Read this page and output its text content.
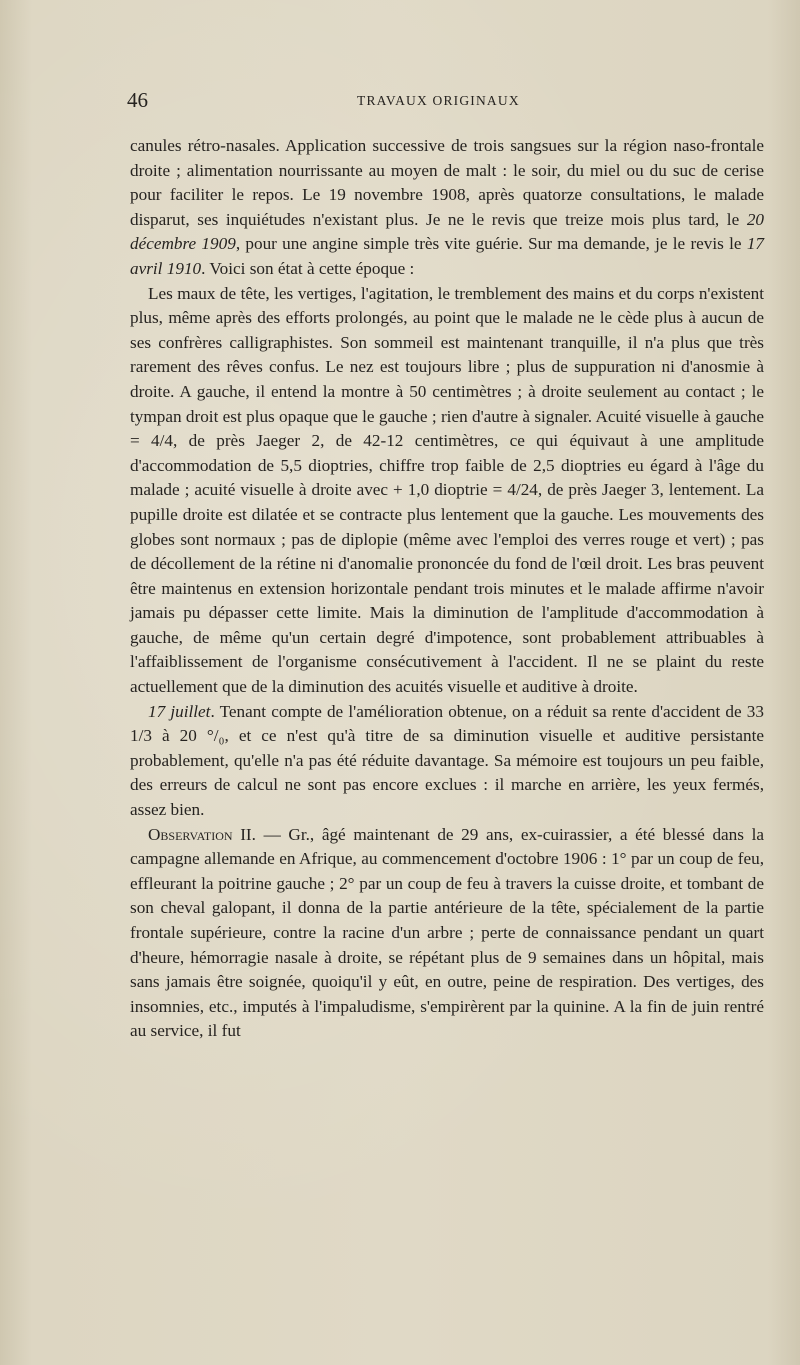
46	TRAVAUX ORIGINAUX

canules rétro-nasales. Application successive de trois sangsues sur la région naso-frontale droite ; alimentation nourrissante au moyen de malt : le soir, du miel ou du suc de cerise pour faciliter le repos. Le 19 novembre 1908, après quatorze consultations, le malade disparut, ses inquiétudes n'existant plus. Je ne le revis que treize mois plus tard, le 20 décembre 1909, pour une angine simple très vite guérie. Sur ma demande, je le revis le 17 avril 1910. Voici son état à cette époque :

Les maux de tête, les vertiges, l'agitation, le tremblement des mains et du corps n'existent plus, même après des efforts prolongés, au point que le malade ne le cède plus à aucun de ses confrères calligraphistes. Son sommeil est maintenant tranquille, il n'a plus que très rarement des rêves confus. Le nez est toujours libre ; plus de suppuration ni d'anosmie à droite. A gauche, il entend la montre à 50 centimètres ; à droite seulement au contact ; le tympan droit est plus opaque que le gauche ; rien d'autre à signaler. Acuité visuelle à gauche = 4/4, de près Jaeger 2, de 42-12 centimètres, ce qui équivaut à une amplitude d'accommodation de 5,5 dioptries, chiffre trop faible de 2,5 dioptries eu égard à l'âge du malade ; acuité visuelle à droite avec + 1,0 dioptrie = 4/24, de près Jaeger 3, lentement. La pupille droite est dilatée et se contracte plus lentement que la gauche. Les mouvements des globes sont normaux ; pas de diplopie (même avec l'emploi des verres rouge et vert) ; pas de décollement de la rétine ni d'anomalie prononcée du fond de l'œil droit. Les bras peuvent être maintenus en extension horizontale pendant trois minutes et le malade affirme n'avoir jamais pu dépasser cette limite. Mais la diminution de l'amplitude d'accommodation à gauche, de même qu'un certain degré d'impotence, sont probablement attribuables à l'affaiblissement de l'organisme consécutivement à l'accident. Il ne se plaint du reste actuellement que de la diminution des acuités visuelle et auditive à droite.

17 juillet. Tenant compte de l'amélioration obtenue, on a réduit sa rente d'accident de 33 1/3 à 20 °/₀, et ce n'est qu'à titre de sa diminution visuelle et auditive persistante probablement, qu'elle n'a pas été réduite davantage. Sa mémoire est toujours un peu faible, des erreurs de calcul ne sont pas encore exclues : il marche en arrière, les yeux fermés, assez bien.

Observation II. — Gr., âgé maintenant de 29 ans, ex-cuirassier, a été blessé dans la campagne allemande en Afrique, au commencement d'octobre 1906 : 1° par un coup de feu, effleurant la poitrine gauche ; 2° par un coup de feu à travers la cuisse droite, et tombant de son cheval galopant, il donna de la partie antérieure de la tête, spécialement de la partie frontale supérieure, contre la racine d'un arbre ; perte de connaissance pendant un quart d'heure, hémorragie nasale à droite, se répétant plus de 9 semaines dans un hôpital, mais sans jamais être soignée, quoiqu'il y eût, en outre, peine de respiration. Des vertiges, des insomnies, etc., imputés à l'impaludisme, s'empirèrent par la quinine. A la fin de juin rentré au service, il fut
